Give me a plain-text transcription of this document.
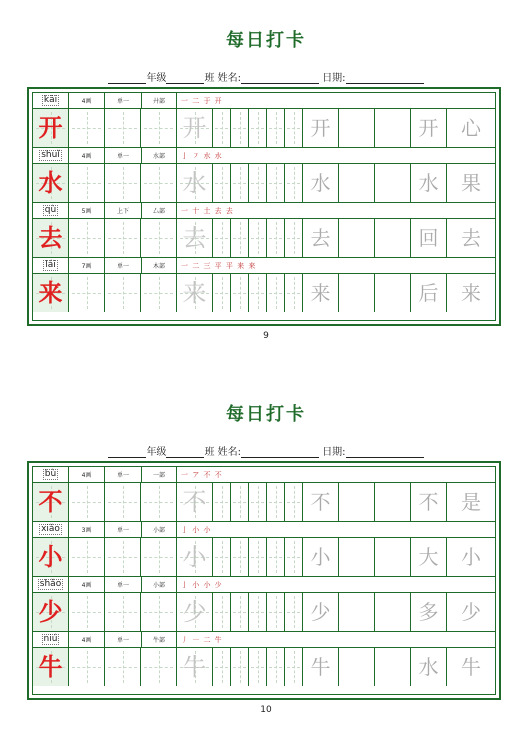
每日打卡
年级	班 姓名:	日期:
kāi	4画	单一	廾部	一 二 于 开
开	开	开	开 心
shuǐ	4画	单一	水部	亅 ㇇ 水 水
水	水	水	水 果
qù	5画	上下	厶部	一 十 土 去 去
去	去	去	回 去
lái	7画	单一	木部	一 二 三 平 平 来 来
来	来	来	后 来
9
每日打卡
年级	班 姓名:	日期:
bù	4画	单一	一部	一 ア 不 不
不	不	不	不 是
xiǎo	3画	单一	小部	亅 小 小
小	小	小	大 小
shǎo	4画	单一	小部	亅 小 小 少
少	少	少	多 少
niú	4画	单一	牛部	丿 ㇐ 二 牛
牛	牛	牛	水 牛
10
